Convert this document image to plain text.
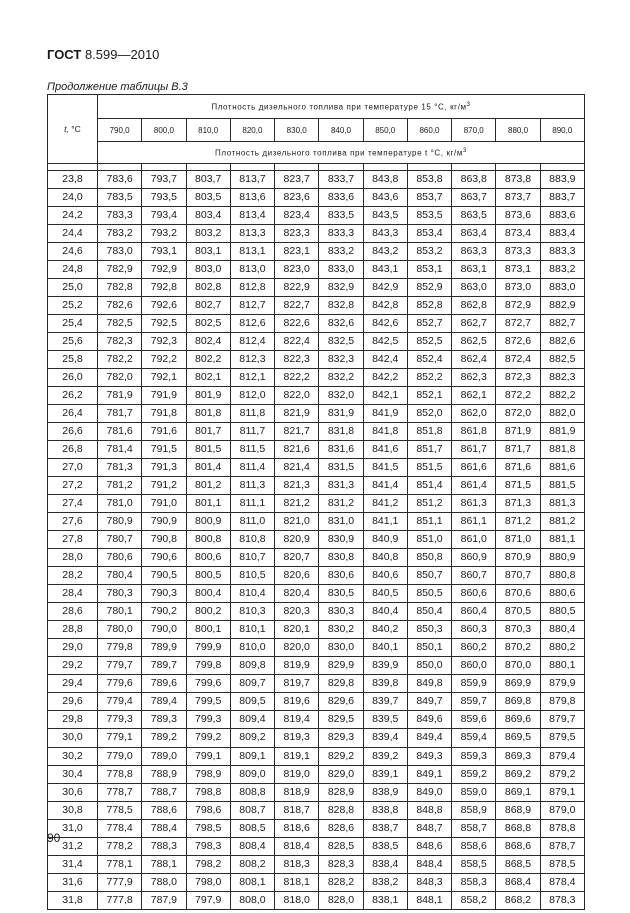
ГОСТ 8.599—2010
Продолжение таблицы В.3
t, °С	Плотность дизельного топлива при температуре 15 °С, $кг/м^3$
	790,0	800,0	810,0	820,0	830,0	840,0	850,0	860,0	870,0	880,0	890,0
	Плотность дизельного топлива при температуре t °С, $кг/м^3$

23,8	783,6	793,7	803,7	813,7	823,7	833,7	843,8	853,8	863,8	873,8	883,9
24,0	783,5	793,5	803,5	813,6	823,6	833,6	843,6	853,7	863,7	873,7	883,7
24,2	783,3	793,4	803,4	813,4	823,4	833,5	843,5	853,5	863,5	873,6	883,6
24,4	783,2	793,2	803,2	813,3	823,3	833,3	843,3	853,4	863,4	873,4	883,4
24,6	783,0	793,1	803,1	813,1	823,1	833,2	843,2	853,2	863,3	873,3	883,3
24,8	782,9	792,9	803,0	813,0	823,0	833,0	843,1	853,1	863,1	873,1	883,2
25,0	782,8	792,8	802,8	812,8	822,9	832,9	842,9	852,9	863,0	873,0	883,0
25,2	782,6	792,6	802,7	812,7	822,7	832,8	842,8	852,8	862,8	872,9	882,9
25,4	782,5	792,5	802,5	812,6	822,6	832,6	842,6	852,7	862,7	872,7	882,7
25,6	782,3	792,3	802,4	812,4	822,4	832,5	842,5	852,5	862,5	872,6	882,6
25,8	782,2	792,2	802,2	812,3	822,3	832,3	842,4	852,4	862,4	872,4	882,5
26,0	782,0	792,1	802,1	812,1	822,2	832,2	842,2	852,2	862,3	872,3	882,3
26,2	781,9	791,9	801,9	812,0	822,0	832,0	842,1	852,1	862,1	872,2	882,2
26,4	781,7	791,8	801,8	811,8	821,9	831,9	841,9	852,0	862,0	872,0	882,0
26,6	781,6	791,6	801,7	811,7	821,7	831,8	841,8	851,8	861,8	871,9	881,9
26,8	781,4	791,5	801,5	811,5	821,6	831,6	841,6	851,7	861,7	871,7	881,8
27,0	781,3	791,3	801,4	811,4	821,4	831,5	841,5	851,5	861,6	871,6	881,6
27,2	781,2	791,2	801,2	811,3	821,3	831,3	841,4	851,4	861,4	871,5	881,5
27,4	781,0	791,0	801,1	811,1	821,2	831,2	841,2	851,2	861,3	871,3	881,3
27,6	780,9	790,9	800,9	811,0	821,0	831,0	841,1	851,1	861,1	871,2	881,2
27,8	780,7	790,8	800,8	810,8	820,9	830,9	840,9	851,0	861,0	871,0	881,1
28,0	780,6	790,6	800,6	810,7	820,7	830,8	840,8	850,8	860,9	870,9	880,9
28,2	780,4	790,5	800,5	810,5	820,6	830,6	840,6	850,7	860,7	870,7	880,8
28,4	780,3	790,3	800,4	810,4	820,4	830,5	840,5	850,5	860,6	870,6	880,6
28,6	780,1	790,2	800,2	810,3	820,3	830,3	840,4	850,4	860,4	870,5	880,5
28,8	780,0	790,0	800,1	810,1	820,1	830,2	840,2	850,3	860,3	870,3	880,4
29,0	779,8	789,9	799,9	810,0	820,0	830,0	840,1	850,1	860,2	870,2	880,2
29,2	779,7	789,7	799,8	809,8	819,9	829,9	839,9	850,0	860,0	870,0	880,1
29,4	779,6	789,6	799,6	809,7	819,7	829,8	839,8	849,8	859,9	869,9	879,9
29,6	779,4	789,4	799,5	809,5	819,6	829,6	839,7	849,7	859,7	869,8	879,8
29,8	779,3	789,3	799,3	809,4	819,4	829,5	839,5	849,6	859,6	869,6	879,7
30,0	779,1	789,2	799,2	809,2	819,3	829,3	839,4	849,4	859,4	869,5	879,5
30,2	779,0	789,0	799,1	809,1	819,1	829,2	839,2	849,3	859,3	869,3	879,4
30,4	778,8	788,9	798,9	809,0	819,0	829,0	839,1	849,1	859,2	869,2	879,2
30,6	778,7	788,7	798,8	808,8	818,9	828,9	838,9	849,0	859,0	869,1	879,1
30,8	778,5	788,6	798,6	808,7	818,7	828,8	838,8	848,8	858,9	868,9	879,0
31,0	778,4	788,4	798,5	808,5	818,6	828,6	838,7	848,7	858,7	868,8	878,8
31,2	778,2	788,3	798,3	808,4	818,4	828,5	838,5	848,6	858,6	868,6	878,7
31,4	778,1	788,1	798,2	808,2	818,3	828,3	838,4	848,4	858,5	868,5	878,5
31,6	777,9	788,0	798,0	808,1	818,1	828,2	838,2	848,3	858,3	868,4	878,4
31,8	777,8	787,9	797,9	808,0	818,0	828,0	838,1	848,1	858,2	868,2	878,3
90
